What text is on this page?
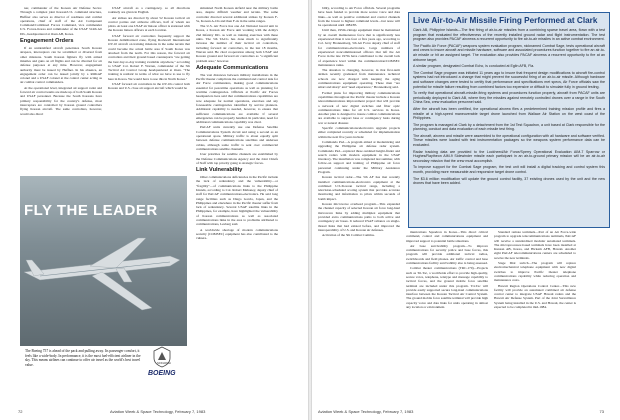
ner, commander of the Korean Air Defense Sector. Through a complex joint Korean/U.S. command structure, Huffner also serves as director of readiness and combat operations, chief of staff of the Air Component Command/Combined Forces Command, vice commander U.S. Forces-Korea and commander of the USAF 314th Air Div., headquartered at Osan AB, Korea.

Engagement Orders

If an unidentified aircraft penetrates South Korean airspace, interceptors can be scrambled or diverted from other missions. South Korean fighters fly with armed missiles and guns on all flights and can be diverted for air defense purposes at any time. However, engagement authority must be issued by Huffner. In his absence, an engagement order can be issued jointly by a ROKAF colonel and a USAF colonel at the control center acting as air combat control commanders.

At the operational level, integrated air support radar and forward air control teams are made up of both South Korean and USAF personnel. Because the South Koreans have primary responsibility for the country's defense, most interceptors are controlled by Korean ground controllers flying Korean aircraft. The same controllers, however, would also direct

USAF aircraft as a contingency, so all directions routinely are given in English.

Air strikes are directed by about 52 Korean tactical air control parties and airborne officers, half of whom are pilots. At least one USAF air liaison officer is stationed with the Korean liaison officers at each location.

USAF forward air controllers frequently support the Korean demilitarized zone, flying Rockwell International OV-10 aircraft on training missions in the same terrain that could become the actual battle area if South Korea was attacked from the north. For this reason, the forward air controllers and their ground based counterparts "are getting the best day-to-day training available anywhere," according to USAF Col. Robert F. Warren, commander of the 5th Tactical Air Control Group headquartered at Osan. "The training is realistic in terms of what we have to use to fly here in Korea. We would have to use this in North Korea."

USAF forward air controllers in the OV-10s control both Korean and U.S. close air support aircraft which would be

simulated North Korean airfield near the military battle area, despite difficult weather and terrain. The same controller directed several additional strikes by Korean F-5s, Korean A-10s and then F-4s in the same ranges.

The U.S. Air Force has one Air National Guard unit in Korea, a Korean Air Force unit working with the Army's 2nd Infantry Div. as well as training exercises with these units. The 5th TACG has done much to significantly increase the number of their tactical air controllers, including forward air controllers, in the last 18 months, Warren said. He cited cooperation among both USAF and Korean ground and forward air controllers as "a significant problem area," however.

Adequate Communications

The vast distances between military installations in the Pacific theater complicate the command and control task for Air Force commanders, making good communications essential for peacetime operations as well as planning for wartime contingencies. Officials at Pacific Air Forces headquarters here said that communications capabilities are now adequate for normal operations, exercises and any foreseeable contingencies identified by service planners. Additional capability is needed, however, to ensure that sufficient communications are available if several emergencies can be properly handled. In particular, need for additional communications capability was cited.

PACAF units currently use one Defense Satellite Communications System circuit and using a second as an operational spare. Military traffic is about equally split between defense communications satellites and undersea cables, although some traffic is sent over commercial communications satellite channels.

User priorities for satellite channels are established by the Defense Communications Agency and the Joint Chiefs of Staff with top priority going to strategic forces.

Link Vulnerability

Other communications deficiencies in the Pacific include the lack of redundancy and the vulnerability—or "fragility"—of communications links to the Philippine Islands, according to Col. Robert Mahoney, deputy chief of staff for PACAF communications-electronics. He said long range facilities such as Diego Garcia, Japan, and the Philippines and elsewhere in the Pacific theater suffer from lack of redundancy. Several USAF satellite links in the Philippines, for example, have highlighted the vulnerability of Korean communications as well as associated communications links in the area to problems attributed to communications, Lesberg said.

A worldwide shortage of modern communications security (COMSEC) equipment has also contributed to the vulnera-

FLY THE LEADER
The Boeing 757 is ahead of the pack and pulling away. Its passenger comfort, it feels like a wide-body. In performance, it is the most fuel-efficient airliner in the sky. This means airlines can continue to offer air travel as the world's best travel value.	MONARCH
BOEING
72	Aviation Week & Space Technology, February 7, 1983

bility, according to Air Force officials. Several programs have been funded to provide more secure voice and data links—as well as positive command and control channels from the lowest to highest command levels—but none will be operational until 1984/85.

Until then, 1950s-vintage equipment must be maintained by an overall maintenance force that is significantly less experienced than it was four or five years ago, according to Col. Jerry Bronnenberg, 5th Air Force deputy chief of staff for communications-electronics. Large numbers of experienced noncommissioned officers that left the Air Force in the late 1970s have contributed to the overall lack of experience level within the communication/COMSEC maintenance ranks.

The situation is changing, however, in that first-term airmen recently graduated from maintenance technical schools are now charged with keeping the aging communications equipment operating. These men "are smart and sharp" and "need experience," Bronnenberg said.

Formal plans for improving military communications capabilities throughout the Pacific theater include a Korean telecommunications improvement project that will provide a network of new digital switches and fiber optic communications links for all U.S. services in Korea. Another plan is designed to insure combat communications are available to support base or contingency basis during war or natural disaster.

Specific communications/electronics upgrade projects either completed recently or scheduled for implementation within the next five years include:

Commando Pad—A program aimed at modernizing and upgrading the Philippine air defense radar system. Commando Pad—replaced three outdated height-finder and search radars with modern equipment in the USAF inventory. The installation was completed last summer, with follow-on support and training of Philippine air force personnel continuing under the Military Assistance Program.

Korean tactical radar—The 5th AF has met recently installed communications-electronics equipment at the combined U.S./Korean tactical range, including a television-scheduled scoring system that provides accurate monitoring and information to pilots within seconds of bomb impact.

Korean microwave overhead program—This expanded the channel capacity of selected Korean air force long-haul microwave links by adding multiplex equipment that provided extra communications paths to both active and contingency air bases. It reduced USAF reliance on single-thread links that had existed before, and improved the interoperability of U.S. and Korean air defenses.

Activation of the 5th Combat Commu-

Live Air-to-Air Missile Firing Performed at Clark

Clark AB, Philippine Islands—The first firing of air-to-air missiles from a combining sparse travel area, flown with a test program that evaluated the effectiveness of the recently installed ground radar and flight instrumentation. The test program also provides PACAF aircrews a recurrent opportunity to fire air-to-air missiles in an active combat environment.

The Pacific Air Force (PACAF) weapons system evaluation program, nicknamed Combat Sage, tests operational aircraft and crews to insure aircraft and missile hardware, software and associated procedures function together to fire an air-to-air missile or hit an assigned target. The evaluation also provides PACAF aircrews a recurrent opportunity to fire at an airborne target.

A similar program, designated Combat Echo, is conducted at Eglin AFB, Fla.

The Combat Sage program was initiated 11 years ago to insure that frequent design modifications to aircraft fire-control systems had not introduced a change that might prevent the successful firing of an air-to-air missile. Although hardware and software changes were tested to certify that performance and specifications met specs, Air Force officials saw the potential for missile failure resulting from combined factors too expensive or difficult to simulate fully in ground testing.

To verify that operational aircraft-missile-firing systems and procedures function properly, aircraft from PACAF units are periodically deployed to Clark AB, where they fire missiles against remotely controlled drones over a range in the South China Sea, crew evaluation personnel said.

After the aircraft has been certified, the operational aircrew flies a predetermined training mission profile and fires a missile at a high-speed maneuverable target drone launched from Wallace Air Station on the west coast of the Philippines.

The program is managed at Clark by a detachment from the 1st Test Squadron, a unit based at Clark responsible for the planning, conduct and data evaluation of each missile test firing.

The aircraft, aircrew and missile were assembled to the operational configuration with all hardware and software verified. These missiles were loaded with test instrumentation packages so the weapons system performance data can be evaluated.

Radar tracking data are provided to the Lockheed/Air Force/Sperry Operational Evaluation AIM-7 Sparrow or Hughes/Raytheon AIM-9 Sidewinder missile each participant in an air-to-ground primary mission will be an air-to-air secondary mission that the crew must accomplish.

To improve support for the Combat Sage program, the test unit will install a digital tracking and control system this month, providing more measurable and responsive target drone control.

The $3.6 million modification will update the ground control facility, 37 existing drones used by the unit and the new drones that have been added.

munications Squadron in Korea—This direct critical command, control and communications equipment and improved support to potential battle situations.

Air base survivability program—To improve communications for security police and base forces, this program will provide additional tactical radios, switchboards and field phones. Air traffic control and base communications facility survivability also is being assessed.

Combat theater communications (TRC-170)—Projects such as Tri-Tac, a worldwide effort to provide high-quality, secure voice, telephone, teletype and message capability to tactical forces, and the ground mobile force satellite terminal are included under this program. Tri-Tac will provide easily supported secure long-haul communications interface between the Korean Tactical Air Control System. The ground mobile force satellite terminal will provide high capacity voice and data links for units operating in almost any location or environment.

Standard remote terminals—Part of an Air Force-wide program to upgrade telecommunications terminals, PACAF will receive a standardized modular automated terminals. The microprocessor-based terminals have been installed at Kunsan AB, Korea, and Hickam AFB, Hawaii. Another eight PACAF telecommunications centers are scheduled to receive the new terminals.

Stage Dial switch—The program will replace electromechanical telephone equipment with new digital switches to improve Pacific theater telephone communications capability while reducing operation and maintenance costs.

Hawaii Region Operations Control Center—This new facility will provide an automated combined air defense control center to integrate USAF Hawaii radars and the Hawaii Air Defense System. Part of the Joint Surveillance System being installed in the U.S. and Hawaii, the center is expected to be completed in mid-1984.

Aviation Week & Space Technology, February 7, 1983	73
